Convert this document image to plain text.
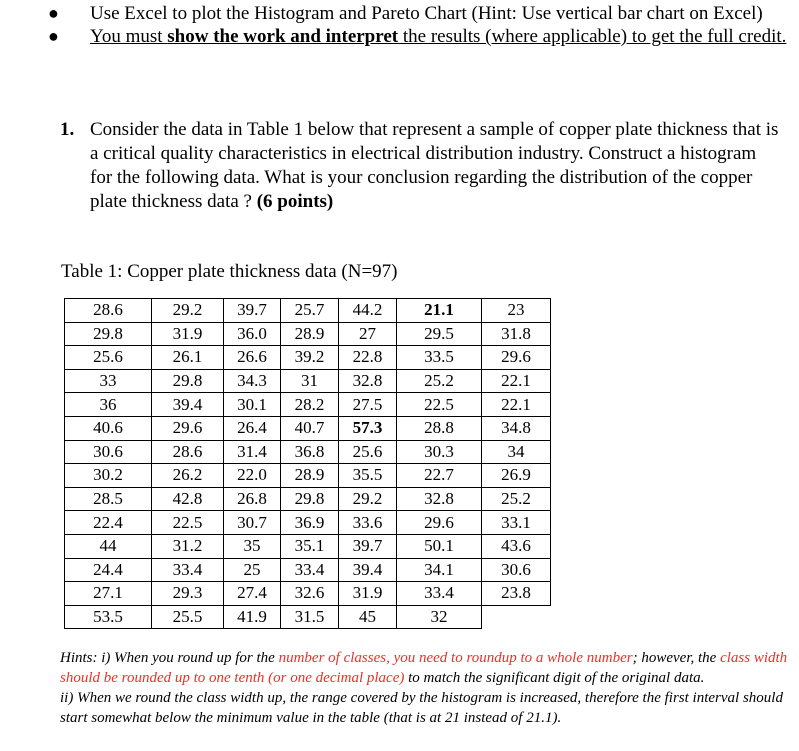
●	Use Excel to plot the Histogram and Pareto Chart (Hint: Use vertical bar chart on Excel)
●	You must show the work and interpret the results (where applicable) to get the full credit.
1. Consider the data in Table 1 below that represent a sample of copper plate thickness that is a critical quality characteristics in electrical distribution industry. Construct a histogram for the following data. What is your conclusion regarding the distribution of the copper plate thickness data ? (6 points)
Table 1: Copper plate thickness data (N=97)
28.6	29.2	39.7	25.7	44.2	21.1	23
29.8	31.9	36.0	28.9	27	29.5	31.8
25.6	26.1	26.6	39.2	22.8	33.5	29.6
33	29.8	34.3	31	32.8	25.2	22.1
36	39.4	30.1	28.2	27.5	22.5	22.1
40.6	29.6	26.4	40.7	57.3	28.8	34.8
30.6	28.6	31.4	36.8	25.6	30.3	34
30.2	26.2	22.0	28.9	35.5	22.7	26.9
28.5	42.8	26.8	29.8	29.2	32.8	25.2
22.4	22.5	30.7	36.9	33.6	29.6	33.1
44	31.2	35	35.1	39.7	50.1	43.6
24.4	33.4	25	33.4	39.4	34.1	30.6
27.1	29.3	27.4	32.6	31.9	33.4	23.8
53.5	25.5	41.9	31.5	45	32	
Hints: i) When you round up for the number of classes, you need to roundup to a whole number; however, the class width should be rounded up to one tenth (or one decimal place) to match the significant digit of the original data.
ii) When we round the class width up, the range covered by the histogram is increased, therefore the first interval should start somewhat below the minimum value in the table (that is at 21 instead of 21.1).
